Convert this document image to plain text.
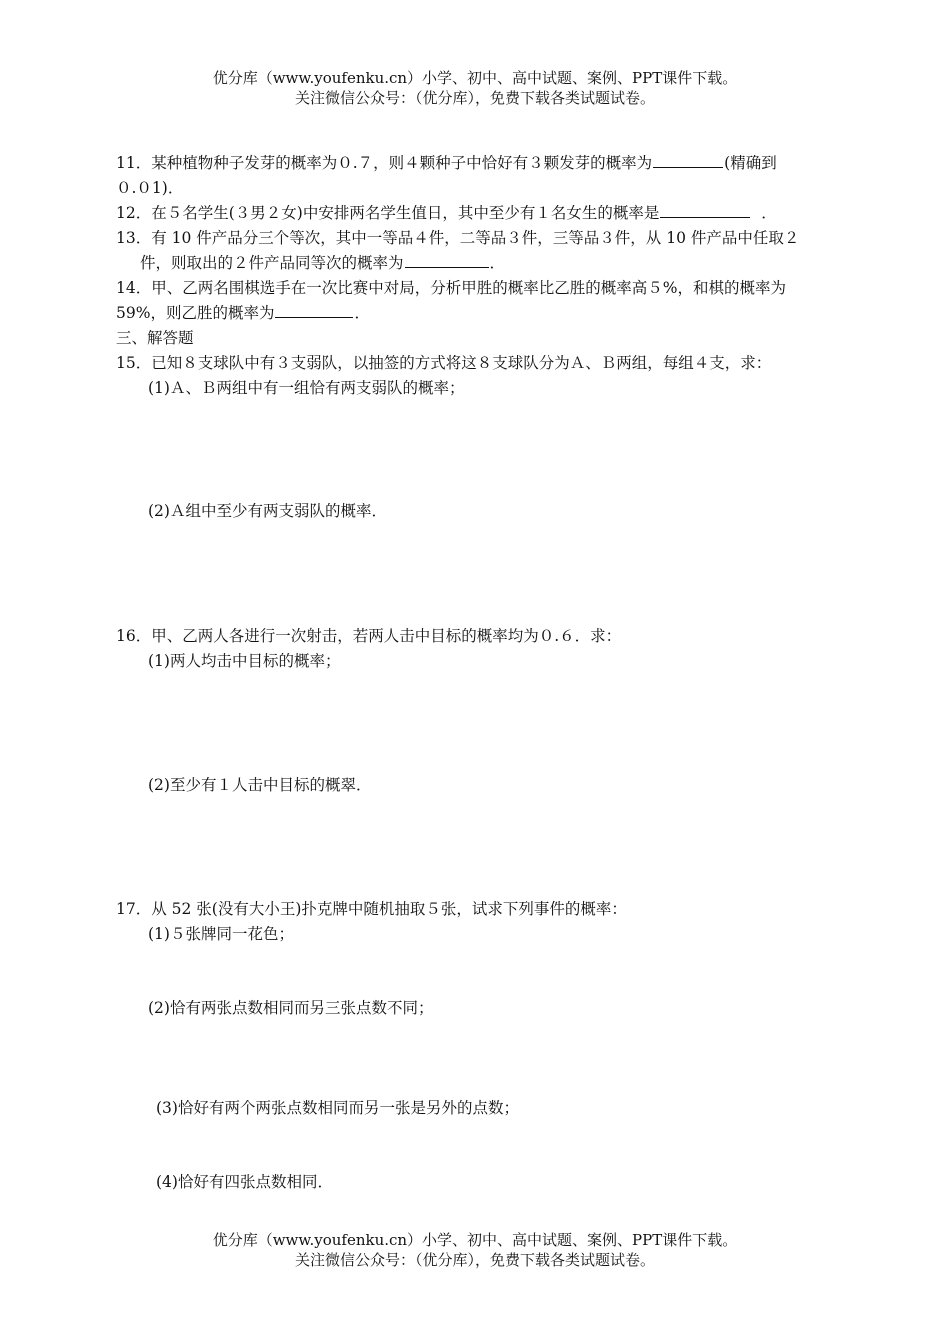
优分库（www.youfenku.cn）小学、初中、高中试题、案例、PPT课件下载。
关注微信公众号：（优分库），免费下载各类试题试卷。
11．某种植物种子发芽的概率为０.７，则４颗种子中恰好有３颗发芽的概率为	(精确到
０.０1)．
12．在５名学生(３男２女)中安排两名学生值日，其中至少有１名女生的概率是	．
13．有 10 件产品分三个等次，其中一等品４件，二等品３件，三等品３件，从 10 件产品中任取２
件，则取出的２件产品同等次的概率为	．
14．甲、乙两名围棋选手在一次比赛中对局，分析甲胜的概率比乙胜的概率高５%，和棋的概率为
59%，则乙胜的概率为	．
三、解答题
15．已知８支球队中有３支弱队，以抽签的方式将这８支球队分为Ａ、Ｂ两组，每组４支，求：
(1)Ａ、Ｂ两组中有一组恰有两支弱队的概率；
(2)Ａ组中至少有两支弱队的概率．
16．甲、乙两人各进行一次射击，若两人击中目标的概率均为０.６．求：
(1)两人均击中目标的概率；
(2)至少有１人击中目标的概翠．
17．从 52 张(没有大小王)扑克牌中随机抽取５张，试求下列事件的概率：
(1)５张牌同一花色；
(2)恰有两张点数相同而另三张点数不同；
(3)恰好有两个两张点数相同而另一张是另外的点数；
(4)恰好有四张点数相同．
优分库（www.youfenku.cn）小学、初中、高中试题、案例、PPT课件下载。
关注微信公众号：（优分库），免费下载各类试题试卷。
